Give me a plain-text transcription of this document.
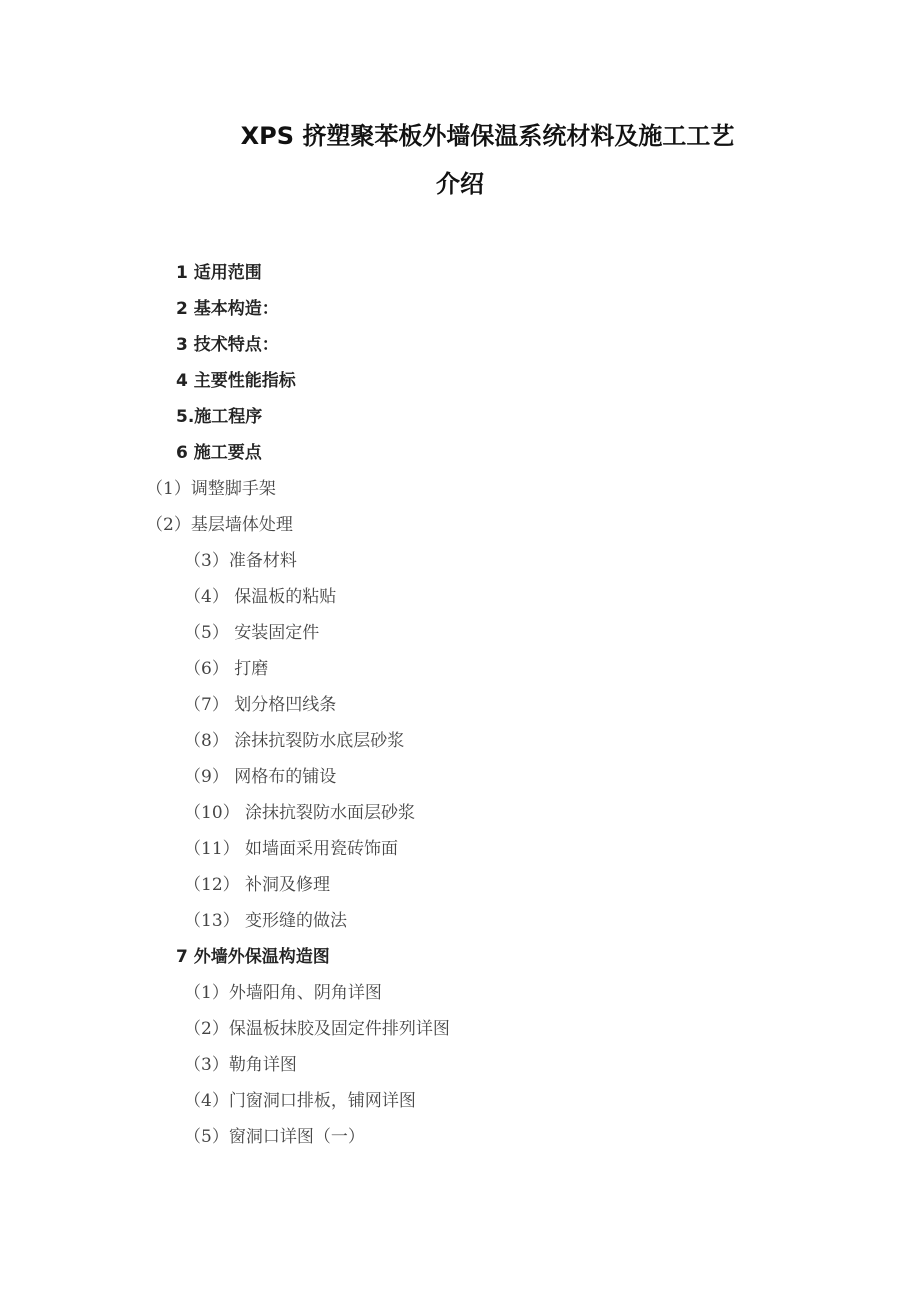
XPS 挤塑聚苯板外墙保温系统材料及施工工艺
介绍
1 适用范围
2 基本构造：
3 技术特点：
4 主要性能指标
5.施工程序
6 施工要点
（1）调整脚手架
（2）基层墙体处理
（3）准备材料
（4） 保温板的粘贴
（5） 安装固定件
（6） 打磨
（7） 划分格凹线条
（8） 涂抹抗裂防水底层砂浆
（9） 网格布的铺设
（10） 涂抹抗裂防水面层砂浆
（11） 如墙面采用瓷砖饰面
（12） 补洞及修理
（13） 变形缝的做法
7 外墙外保温构造图
（1）外墙阳角、阴角详图
（2）保温板抹胶及固定件排列详图
（3）勒角详图
（4）门窗洞口排板，铺网详图
（5）窗洞口详图（一）
